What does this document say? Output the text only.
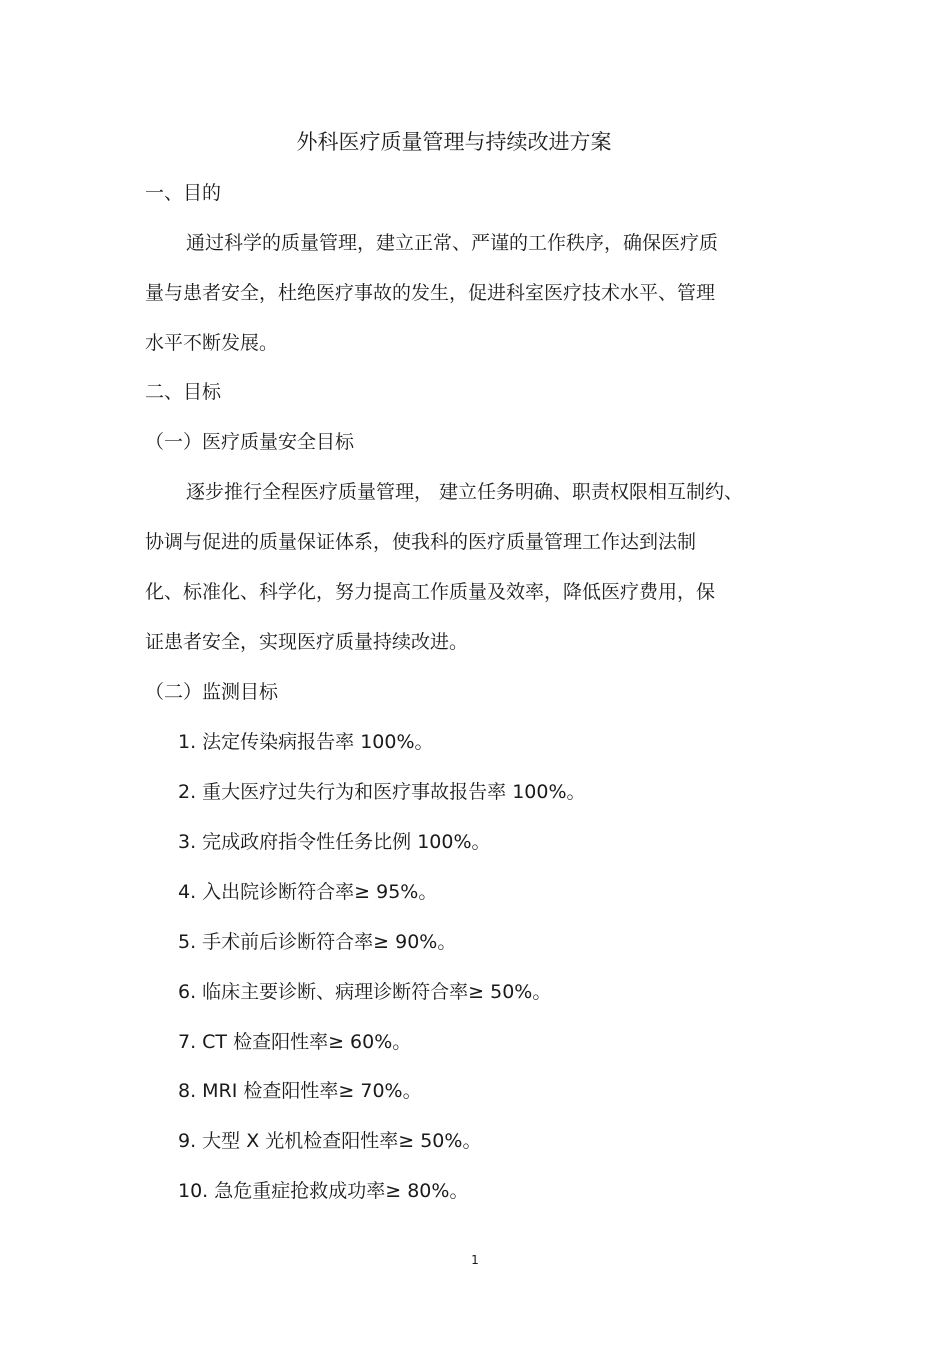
外科医疗质量管理与持续改进方案
一、目的
通过科学的质量管理，建立正常、严谨的工作秩序，确保医疗质
量与患者安全，杜绝医疗事故的发生，促进科室医疗技术水平、管理
水平不断发展。
二、目标
（一）医疗质量安全目标
逐步推行全程医疗质量管理， 建立任务明确、职责权限相互制约、
协调与促进的质量保证体系，使我科的医疗质量管理工作达到法制
化、标准化、科学化，努力提高工作质量及效率，降低医疗费用，保
证患者安全，实现医疗质量持续改进。
（二）监测目标
1. 法定传染病报告率 100%。
2. 重大医疗过失行为和医疗事故报告率 100%。
3. 完成政府指令性任务比例 100%。
4. 入出院诊断符合率≥ 95%。
5. 手术前后诊断符合率≥ 90%。
6. 临床主要诊断、病理诊断符合率≥ 50%。
7. CT 检查阳性率≥ 60%。
8. MRI 检查阳性率≥ 70%。
9. 大型 X 光机检查阳性率≥ 50%。
10. 急危重症抢救成功率≥ 80%。
1
